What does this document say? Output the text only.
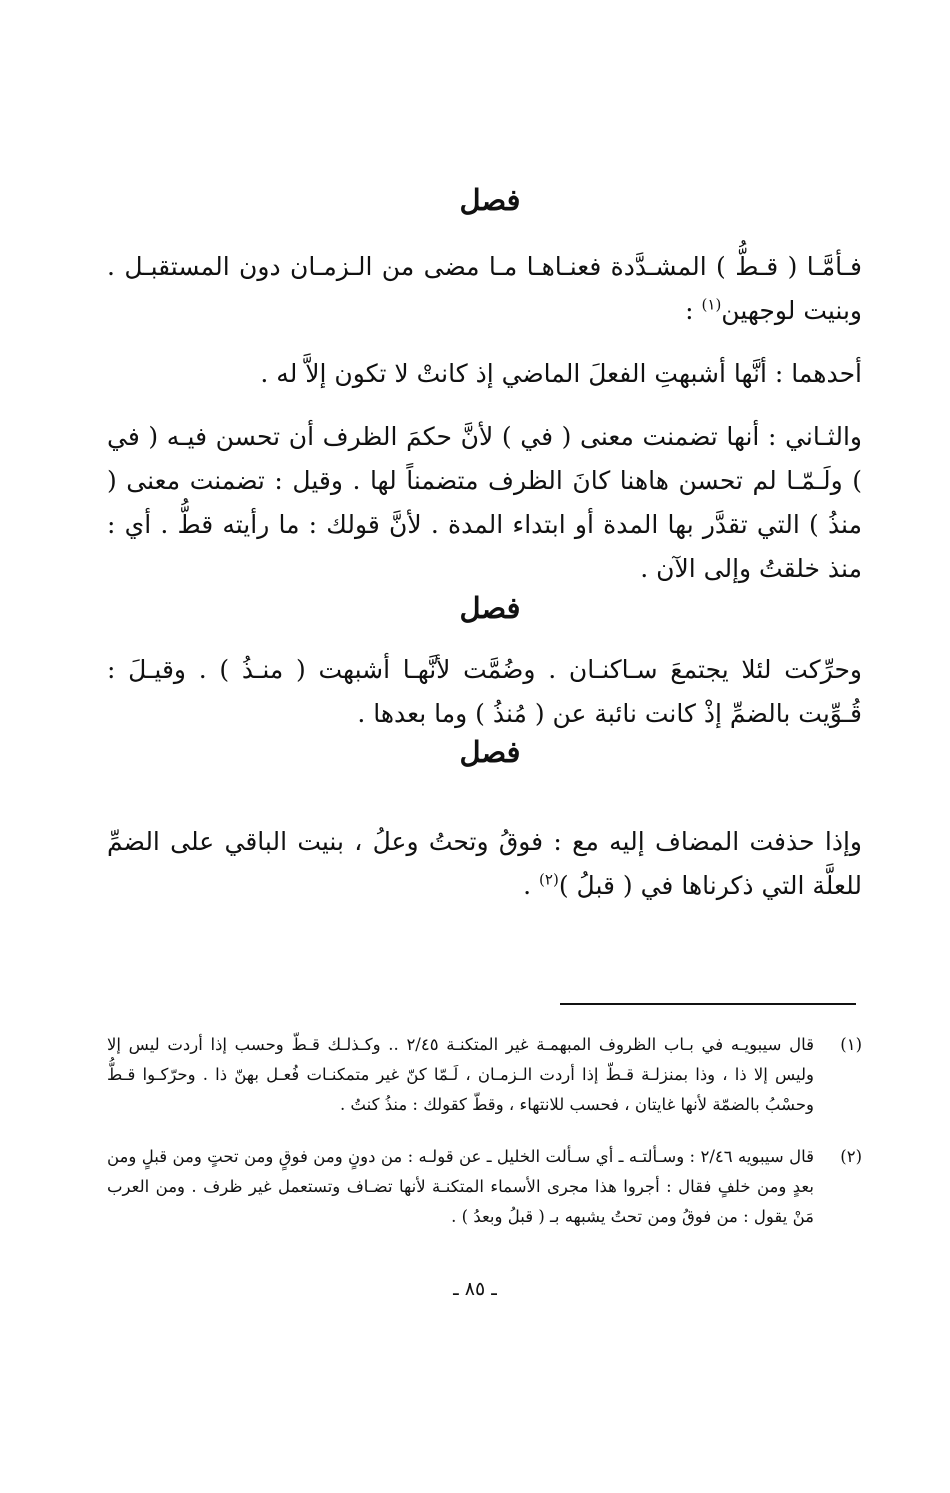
فصل
فـأمَّـا ( قـطُّ ) المشـدَّدة فعنـاهـا مـا مضى من الـزمـان دون المستقبـل . وبنيت لوجهين$^{(١)}$ :
أحدهما : أنَّها أشبهتِ الفعلَ الماضي إذ كانتْ لا تكون إلاَّ له .
والثـاني : أنها تضمنت معنى ( في ) لأنَّ حكمَ الظرف أن تحسن فيـه ( في ) ولَـمّـا لم تحسن هاهنا كانَ الظرف متضمناً لها . وقيل : تضمنت معنى ( منذُ ) التي تقدَّر بها المدة أو ابتداء المدة . لأنَّ قولك : ما رأيته قطُّ . أي : منذ خلقتُ وإلى الآن .
فصل
وحرِّكت لئلا يجتمعَ سـاكنـان . وضُمَّت لأنَّهـا أشبهت ( منـذُ ) . وقيـلَ : قُـوِّيت بالضمِّ إذْ كانت نائبة عن ( مُنذُ ) وما بعدها .
فصل
وإذا حذفت المضاف إليه مع : فوقُ وتحتُ وعلُ ، بنيت الباقي على الضمِّ للعلَّة التي ذكرناها في ( قبلُ )$^{(٢)}$ .
(١)
قال سيبويـه في بـاب الظروف المبهمـة غير المتكنـة ٢/٤٥ .. وكـذلـك قـطّ وحسب إذا أردت ليس إلا وليس إلا ذا ، وذا بمنزلـة قـطّ إذا أردت الـزمـان ، لَـمّا كنّ غير متمكنـات فُعـل بهنّ ذا . وحرّكـوا قـطُّ وحسْبُ بالضمّة لأنها غايتان ، فحسب للانتهاء ، وقطّ كقولك : منذُ كنتُ .
(٢)
قال سيبويه ٢/٤٦ : وسـألتـه ـ أي سـألت الخليل ـ عن قولـه : من دونٍ ومن فوقٍ ومن تحتٍ ومن قبلٍ ومن بعدٍ ومن خلفٍ فقال : أجروا هذا مجرى الأسماء المتكنـة لأنها تضـاف وتستعمل غير ظرف . ومن العرب مَنْ يقول : من فوقُ ومن تحتُ يشبهه بـ ( قبلُ وبعدُ ) .
ـ ٨٥ ـ
